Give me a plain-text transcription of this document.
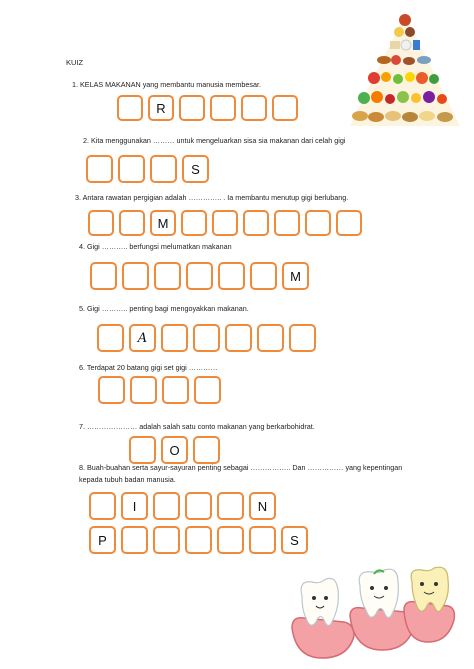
KUIZ
1. KELAS MAKANAN yang membantu manusia membesar.
R
2. Kita menggunakan ……… untuk mengeluarkan sisa sia makanan dari celah gigi
S
3. Antara rawatan pergigian adalah ………….. . Ia membantu menutup gigi berlubang.
M
4. Gigi ……….. berfungsi melumatkan makanan
M
5. Gigi ……….. penting bagi mengoyakkan makanan.
A
6. Terdapat 20 batang gigi set gigi …………
7. ………………… adalah salah satu conto makanan yang berkarbohidrat.
O
8. Buah-buahan serta sayur-sayuran penting sebagai …………….. Dan …………… yang kepentingan
kepada tubuh badan manusia.
I	N
P	S
